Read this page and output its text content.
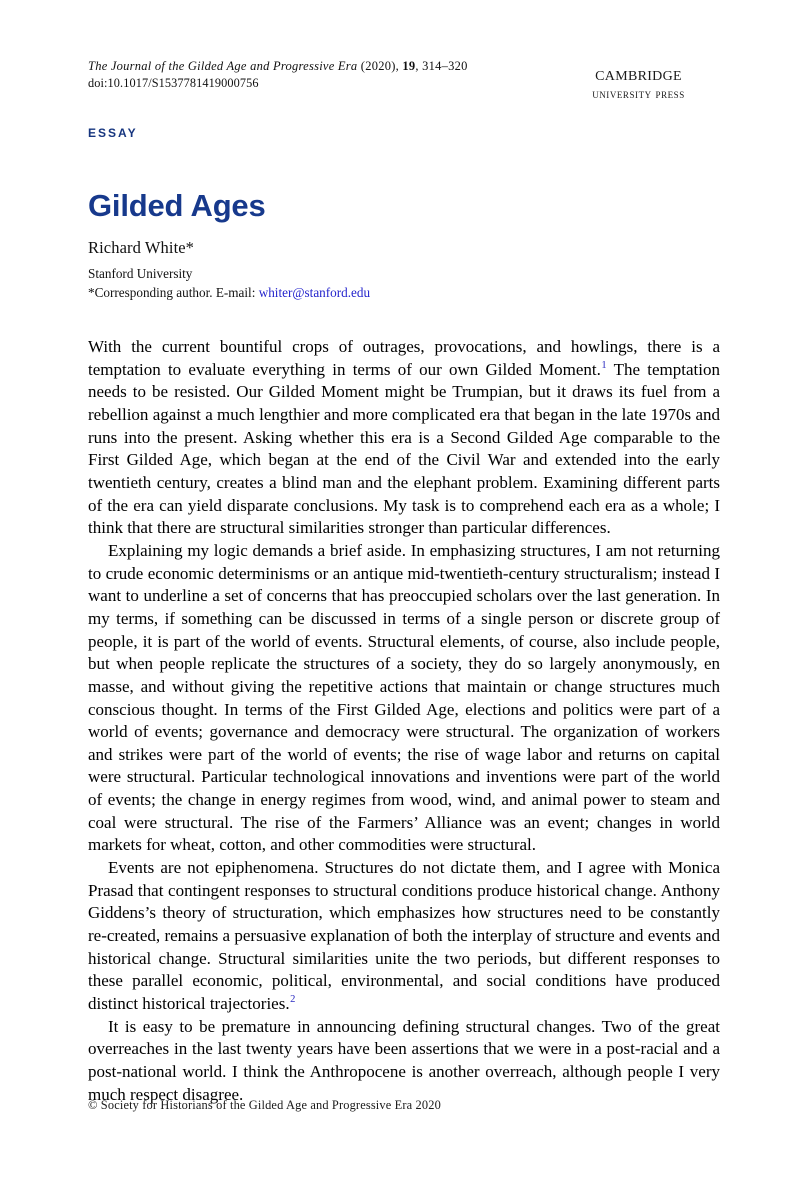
The Journal of the Gilded Age and Progressive Era (2020), 19, 314–320
doi:10.1017/S1537781419000756	cambridge
university press
ESSAY
Gilded Ages
Richard White*
Stanford University
*Corresponding author. E-mail: whiter@stanford.edu

With the current bountiful crops of outrages, provocations, and howlings, there is a temptation to evaluate everything in terms of our own Gilded Moment.$^1$ The temptation needs to be resisted. Our Gilded Moment might be Trumpian, but it draws its fuel from a rebellion against a much lengthier and more complicated era that began in the late 1970s and runs into the present. Asking whether this era is a Second Gilded Age comparable to the First Gilded Age, which began at the end of the Civil War and extended into the early twentieth century, creates a blind man and the elephant problem. Examining different parts of the era can yield disparate conclusions. My task is to comprehend each era as a whole; I think that there are structural similarities stronger than particular differences.

Explaining my logic demands a brief aside. In emphasizing structures, I am not returning to crude economic determinisms or an antique mid-twentieth-century structuralism; instead I want to underline a set of concerns that has preoccupied scholars over the last generation. In my terms, if something can be discussed in terms of a single person or discrete group of people, it is part of the world of events. Structural elements, of course, also include people, but when people replicate the structures of a society, they do so largely anonymously, en masse, and without giving the repetitive actions that maintain or change structures much conscious thought. In terms of the First Gilded Age, elections and politics were part of a world of events; governance and democracy were structural. The organization of workers and strikes were part of the world of events; the rise of wage labor and returns on capital were structural. Particular technological innovations and inventions were part of the world of events; the change in energy regimes from wood, wind, and animal power to steam and coal were structural. The rise of the Farmers’ Alliance was an event; changes in world markets for wheat, cotton, and other commodities were structural.

Events are not epiphenomena. Structures do not dictate them, and I agree with Monica Prasad that contingent responses to structural conditions produce historical change. Anthony Giddens’s theory of structuration, which emphasizes how structures need to be constantly re-created, remains a persuasive explanation of both the interplay of structure and events and historical change. Structural similarities unite the two periods, but different responses to these parallel economic, political, environmental, and social conditions have produced distinct historical trajectories.$^2$

It is easy to be premature in announcing defining structural changes. Two of the great overreaches in the last twenty years have been assertions that we were in a post-racial and a post-national world. I think the Anthropocene is another overreach, although people I very much respect disagree.

© Society for Historians of the Gilded Age and Progressive Era 2020
